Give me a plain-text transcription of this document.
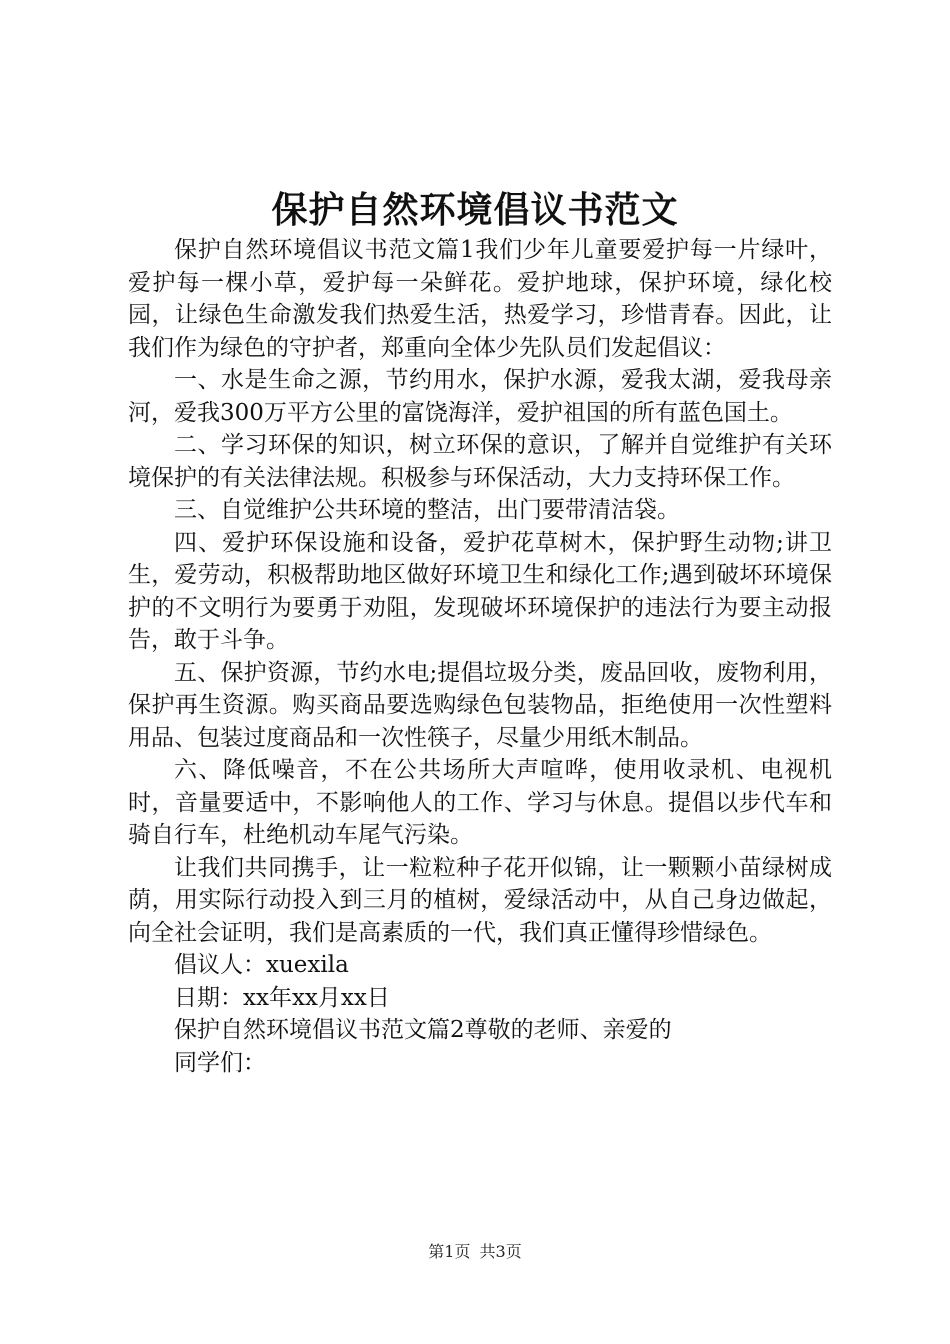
保护自然环境倡议书范文

保护自然环境倡议书范文篇1我们少年儿童要爱护每一片绿叶，爱护每一棵小草，爱护每一朵鲜花。爱护地球，保护环境，绿化校园，让绿色生命激发我们热爱生活，热爱学习，珍惜青春。因此，让我们作为绿色的守护者，郑重向全体少先队员们发起倡议：

一、水是生命之源，节约用水，保护水源，爱我太湖，爱我母亲河，爱我300万平方公里的富饶海洋，爱护祖国的所有蓝色国土。

二、学习环保的知识，树立环保的意识，了解并自觉维护有关环境保护的有关法律法规。积极参与环保活动，大力支持环保工作。

三、自觉维护公共环境的整洁，出门要带清洁袋。

四、爱护环保设施和设备，爱护花草树木，保护野生动物;讲卫生，爱劳动，积极帮助地区做好环境卫生和绿化工作;遇到破坏环境保护的不文明行为要勇于劝阻，发现破坏环境保护的违法行为要主动报告，敢于斗争。

五、保护资源，节约水电;提倡垃圾分类，废品回收，废物利用，保护再生资源。购买商品要选购绿色包装物品，拒绝使用一次性塑料用品、包装过度商品和一次性筷子，尽量少用纸木制品。

六、降低噪音，不在公共场所大声喧哗，使用收录机、电视机时，音量要适中，不影响他人的工作、学习与休息。提倡以步代车和骑自行车，杜绝机动车尾气污染。

让我们共同携手，让一粒粒种子花开似锦，让一颗颗小苗绿树成荫，用实际行动投入到三月的植树，爱绿活动中，从自己身边做起，向全社会证明，我们是高素质的一代，我们真正懂得珍惜绿色。

倡议人：xuexila

日期：xx年xx月xx日

保护自然环境倡议书范文篇2尊敬的老师、亲爱的

同学们：

第1页 共3页
